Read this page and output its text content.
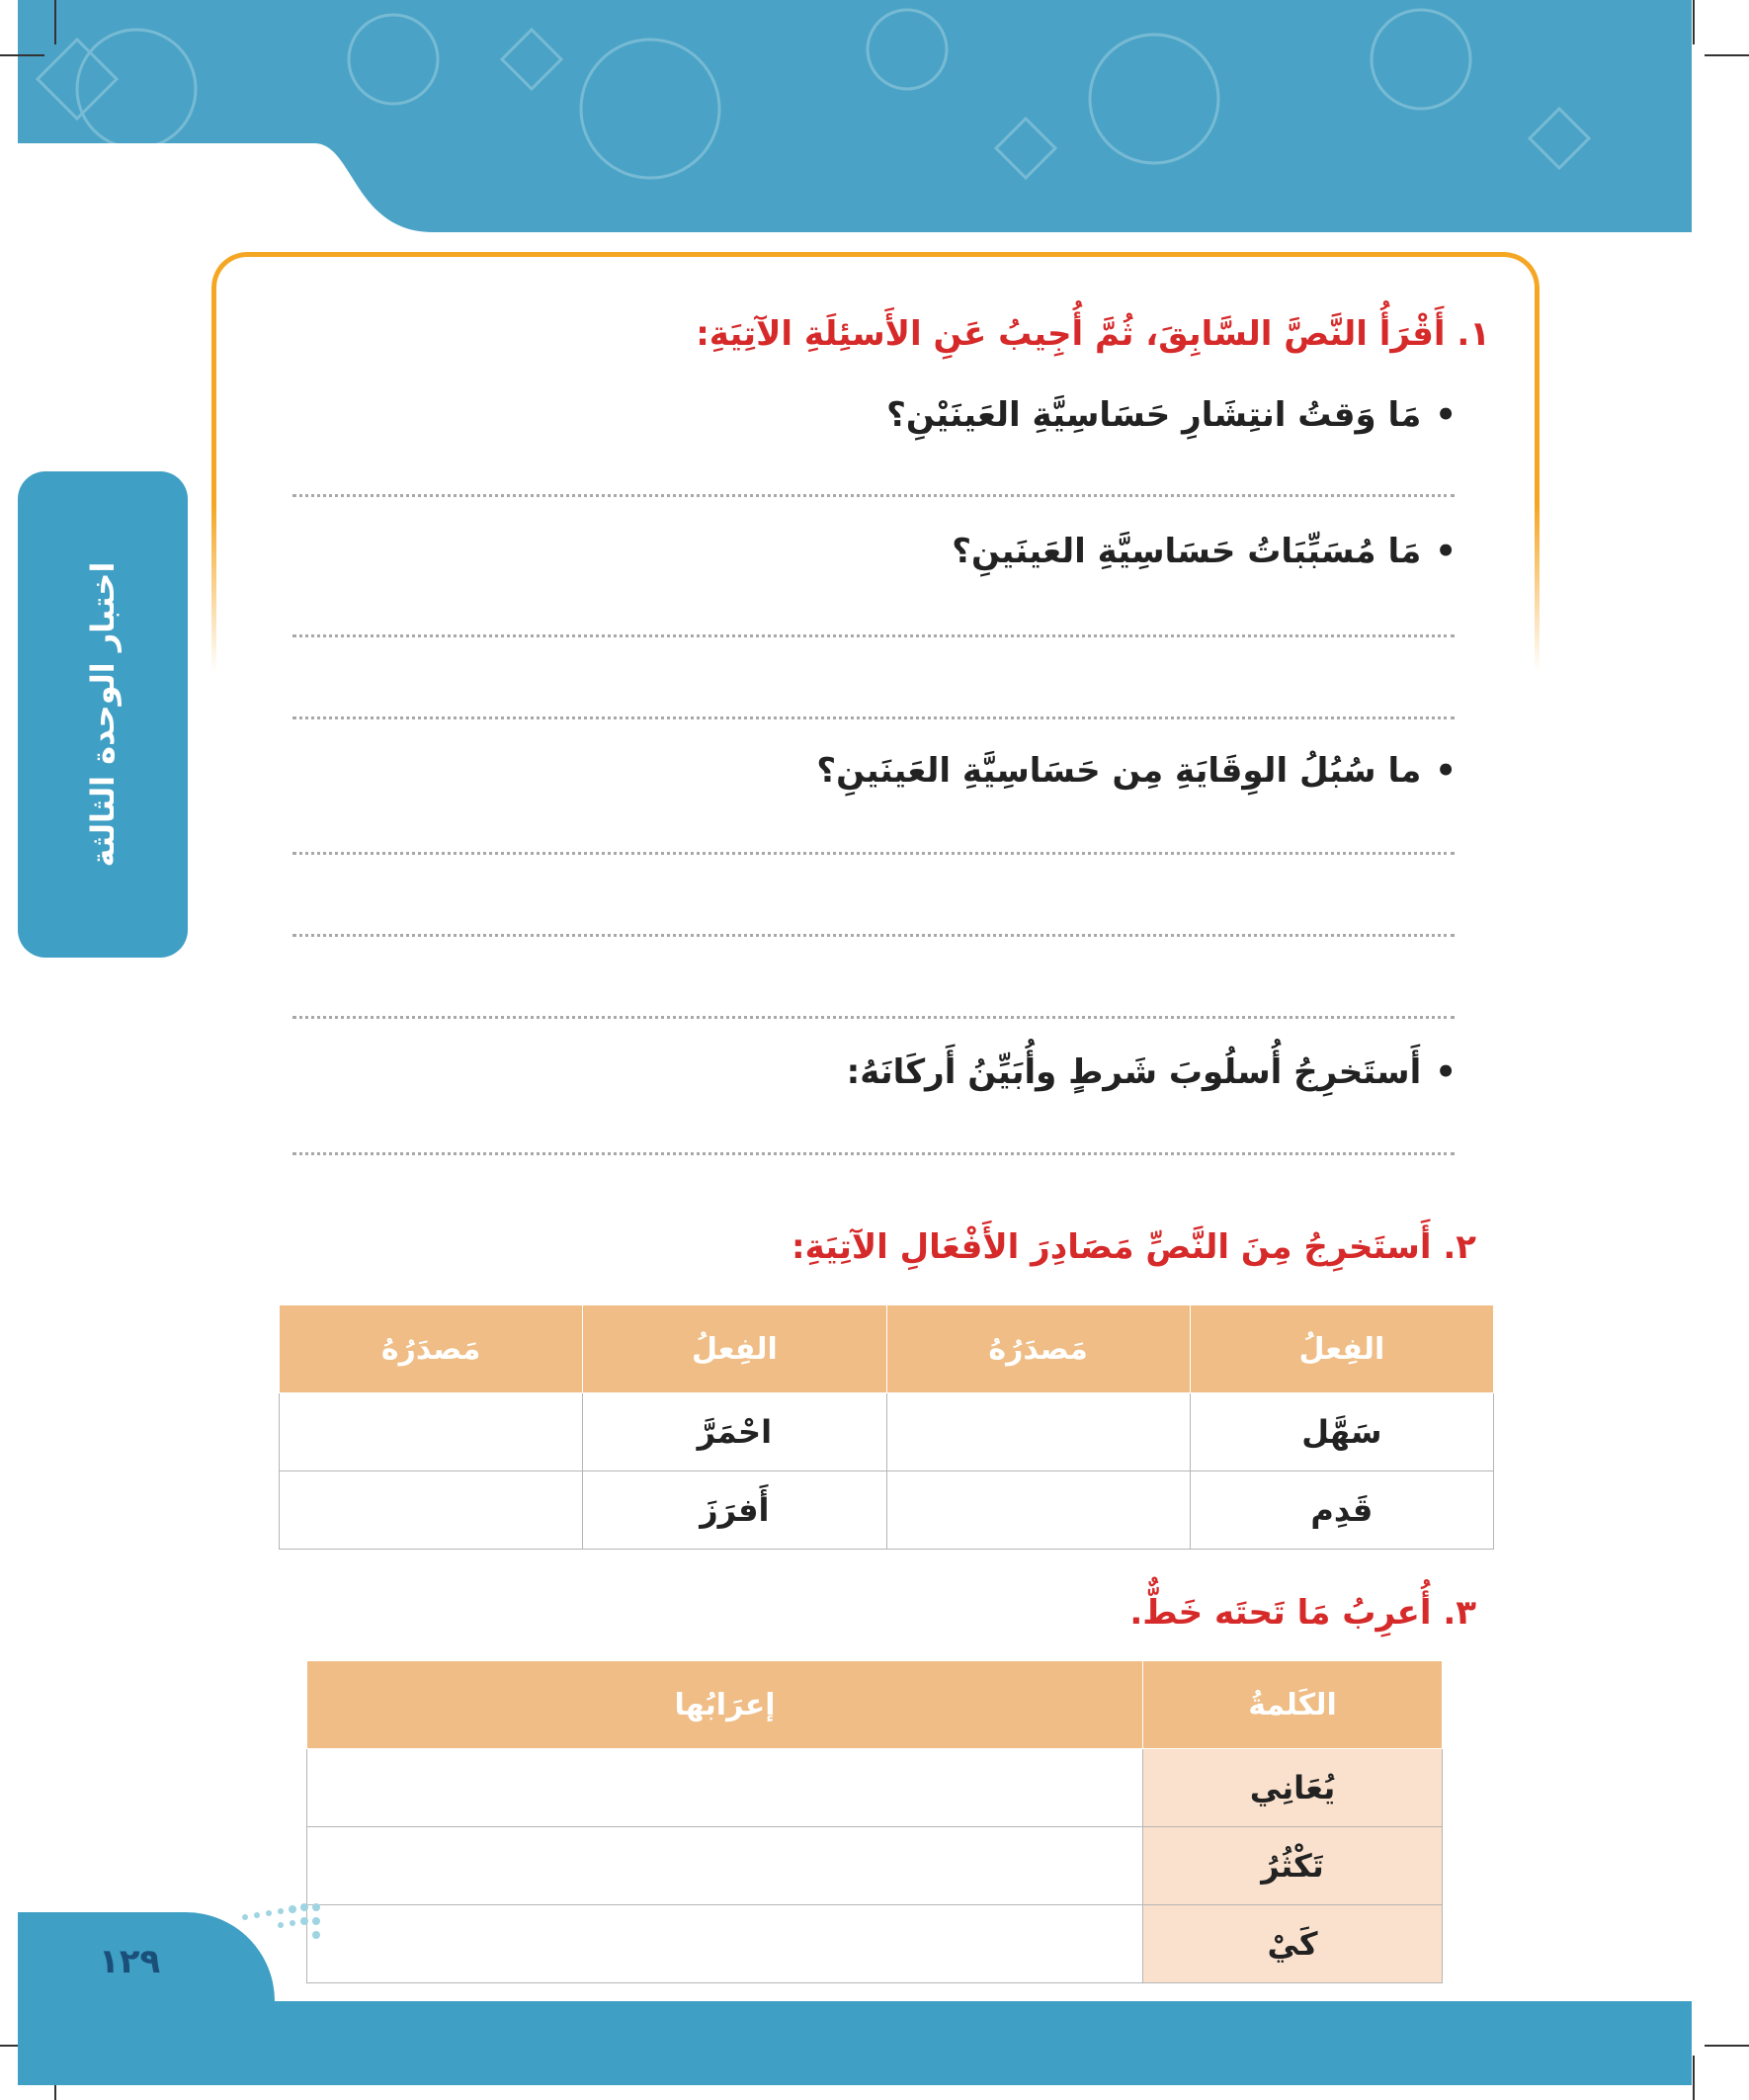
اختبار الوحدة الثالثة
١. أَقْرَأُ النَّصَّ السَّابِقَ، ثُمَّ أُجِيبُ عَنِ الأَسئِلَةِ الآتِيَةِ:
• مَا وَقتُ انتِشَارِ حَسَاسِيَّةِ العَينَيْنِ؟
• مَا مُسَبِّبَاتُ حَسَاسِيَّةِ العَينَينِ؟
• ما سُبُلُ الوِقَايَةِ مِن حَسَاسِيَّةِ العَينَينِ؟
• أَستَخرِجُ أُسلُوبَ شَرطٍ وأُبَيِّنُ أَركَانَهُ:
٢. أَستَخرِجُ مِنَ النَّصِّ مَصَادِرَ الأَفْعَالِ الآتِيَةِ:
الفِعلُ	مَصدَرُهُ	الفِعلُ	مَصدَرُهُ
سَهَّل		احْمَرَّ	
قَدِم		أَفرَزَ	
٣. أُعرِبُ مَا تَحتَه خَطٌّ.
الكَلمةُ	إعرَابُها
يُعَانِي	
تَكْثُرُ	
كَيْ	
١٢٩
